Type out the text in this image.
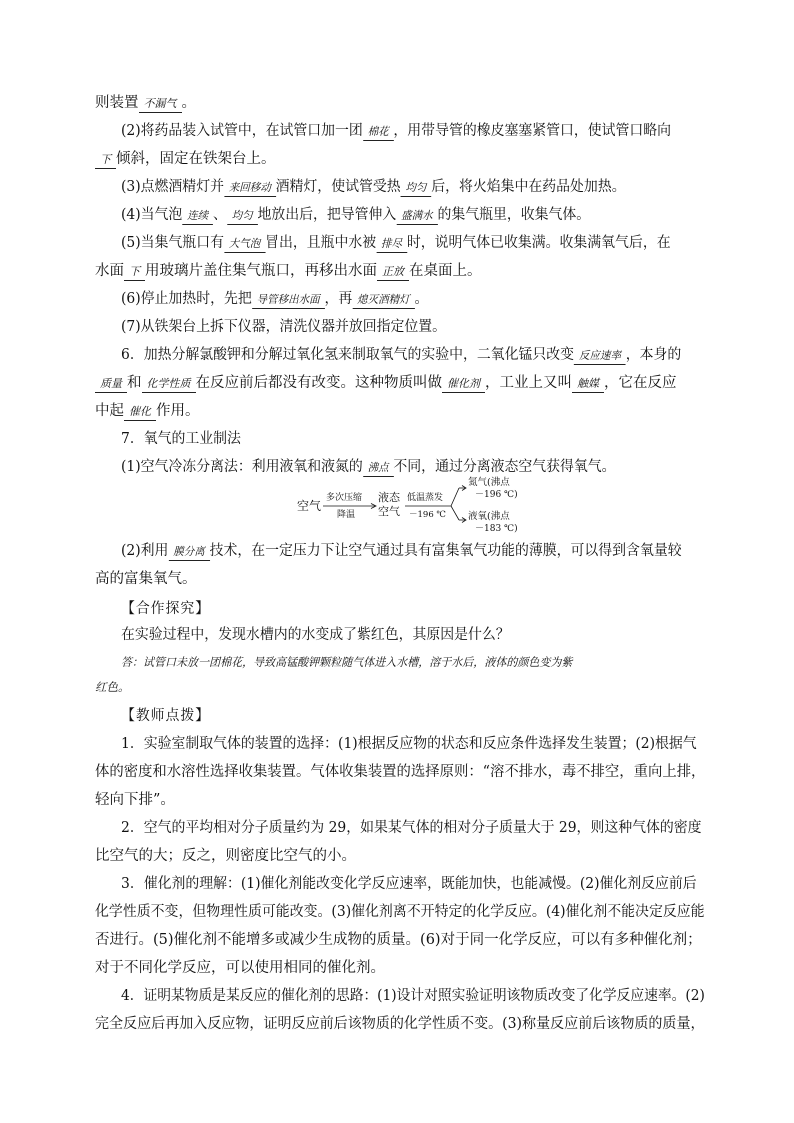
则装置 不漏气 。
(2)将药品装入试管中，在试管口加一团 棉花 ，用带导管的橡皮塞塞紧管口，使试管口略向
下 倾斜，固定在铁架台上。
(3)点燃酒精灯并 来回移动 酒精灯，使试管受热 均匀 后，将火焰集中在药品处加热。
(4)当气泡 连续 、 均匀 地放出后，把导管伸入 盛满水 的集气瓶里，收集气体。
(5)当集气瓶口有 大气泡 冒出，且瓶中水被 排尽 时，说明气体已收集满。收集满氧气后，在
水面 下 用玻璃片盖住集气瓶口，再移出水面 正放 在桌面上。
(6)停止加热时，先把 导管移出水面 ，再 熄灭酒精灯 。
(7)从铁架台上拆下仪器，清洗仪器并放回指定位置。
6．加热分解氯酸钾和分解过氧化氢来制取氧气的实验中，二氧化锰只改变 反应速率 ，本身的
质量 和 化学性质 在反应前后都没有改变。这种物质叫做 催化剂 ，工业上又叫 触媒 ，它在反应
中起 催化 作用。
7．氧气的工业制法
(1)空气冷冻分离法：利用液氧和液氮的 沸点 不同，通过分离液态空气获得氧气。
空气
多次压缩
降温
液态
空气
低温蒸发
－196 ℃
氮气(沸点
－196 ℃)
液氧(沸点
－183 ℃)
(2)利用 膜分离 技术，在一定压力下让空气通过具有富集氧气功能的薄膜，可以得到含氧量较
高的富集氧气。
【合作探究】
在实验过程中，发现水槽内的水变成了紫红色，其原因是什么？
答：试管口未放一团棉花，导致高锰酸钾颗粒随气体进入水槽，溶于水后，液体的颜色变为紫
红色。
【教师点拨】
1．实验室制取气体的装置的选择：(1)根据反应物的状态和反应条件选择发生装置；(2)根据气
体的密度和水溶性选择收集装置。气体收集装置的选择原则：“溶不排水，毒不排空，重向上排，
轻向下排”。
2．空气的平均相对分子质量约为 29，如果某气体的相对分子质量大于 29，则这种气体的密度
比空气的大；反之，则密度比空气的小。
3．催化剂的理解：(1)催化剂能改变化学反应速率，既能加快，也能减慢。(2)催化剂反应前后
化学性质不变，但物理性质可能改变。(3)催化剂离不开特定的化学反应。(4)催化剂不能决定反应能
否进行。(5)催化剂不能增多或减少生成物的质量。(6)对于同一化学反应，可以有多种催化剂；
对于不同化学反应，可以使用相同的催化剂。
4．证明某物质是某反应的催化剂的思路：(1)设计对照实验证明该物质改变了化学反应速率。(2)
完全反应后再加入反应物，证明反应前后该物质的化学性质不变。(3)称量反应前后该物质的质量，
